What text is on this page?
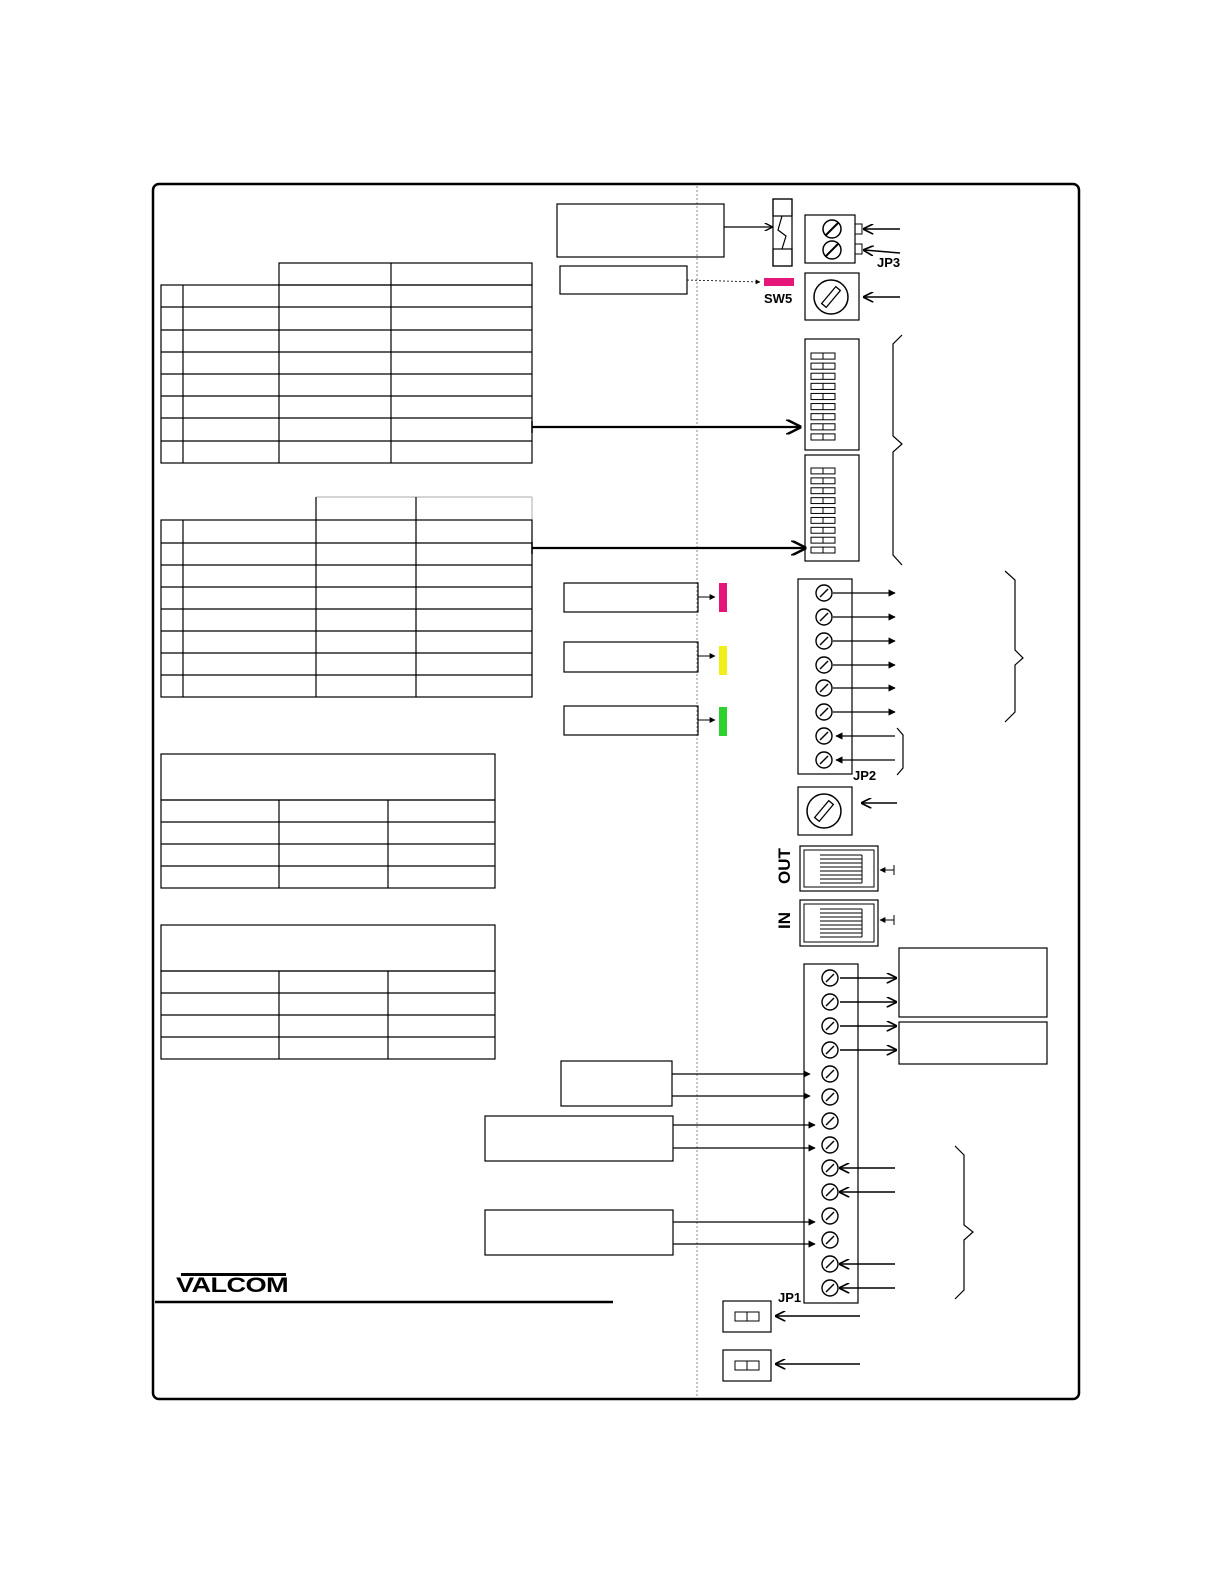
SW5
JP3
JP2
OUT
IN
JP1
VALCOM
